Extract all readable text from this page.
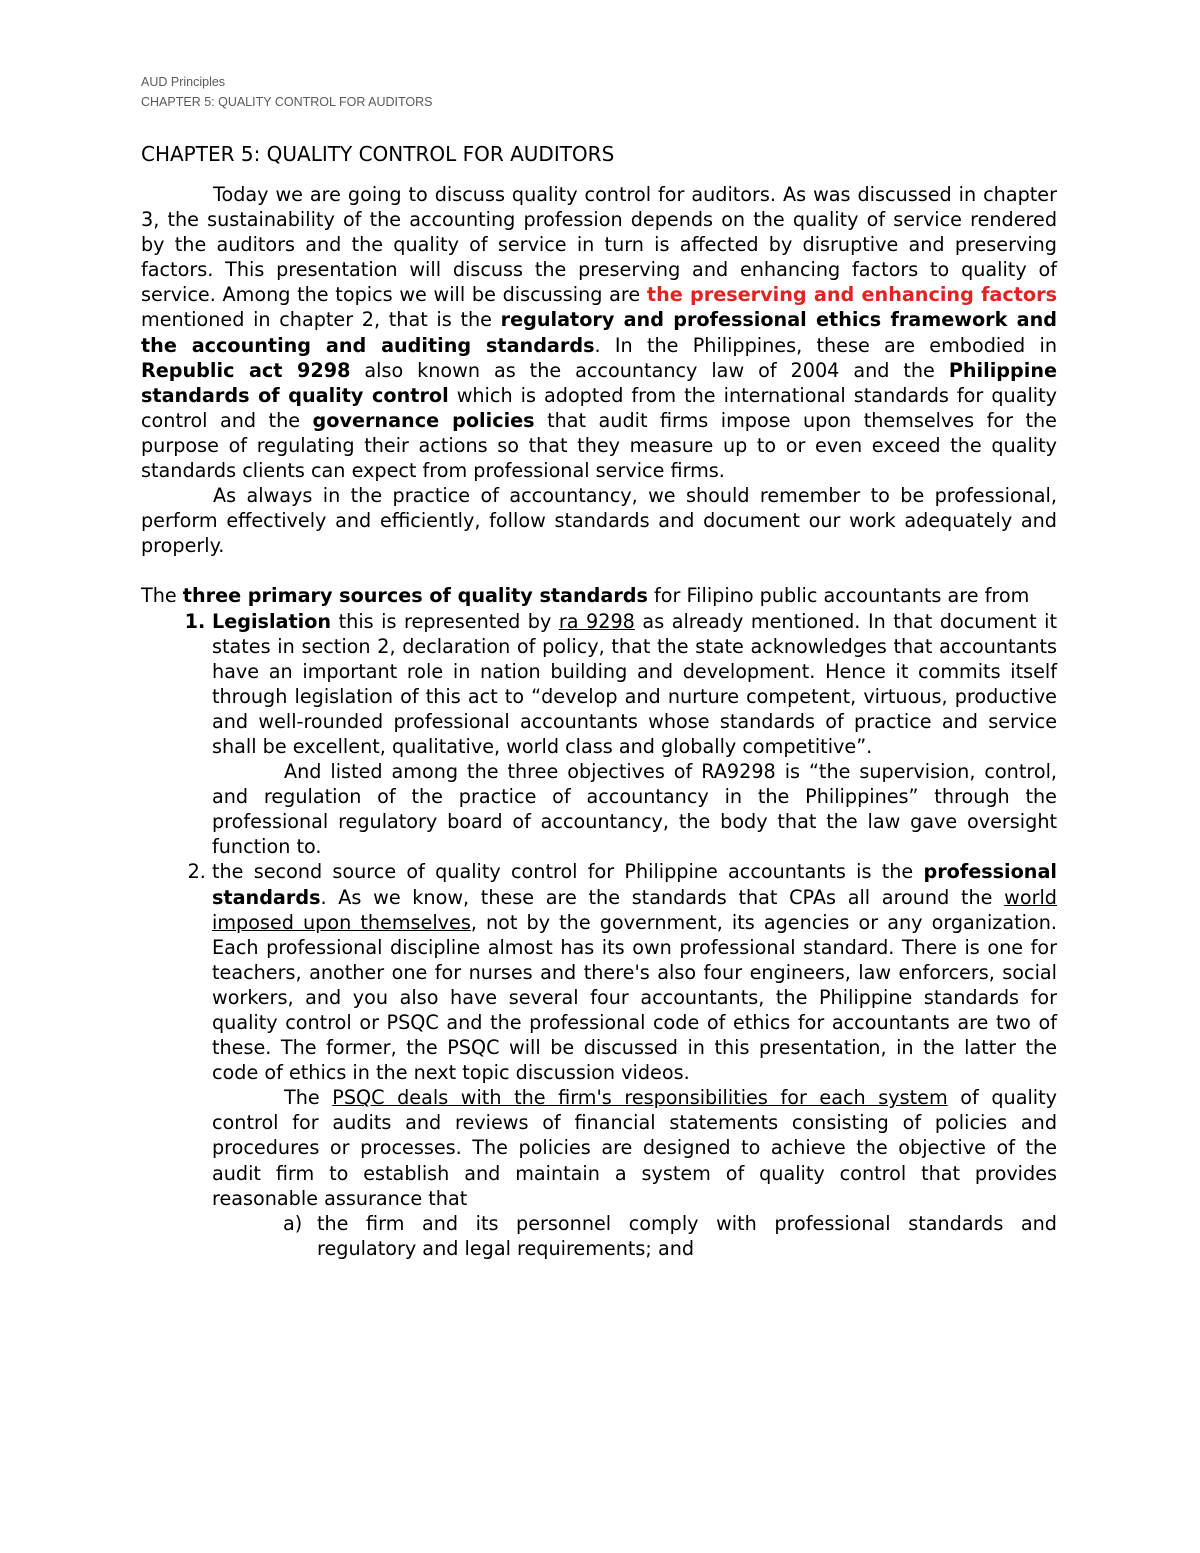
AUD Principles
CHAPTER 5: QUALITY CONTROL FOR AUDITORS
CHAPTER 5: QUALITY CONTROL FOR AUDITORS

Today we are going to discuss quality control for auditors. As was discussed in chapter 3, the sustainability of the accounting profession depends on the quality of service rendered by the auditors and the quality of service in turn is affected by disruptive and preserving factors. This presentation will discuss the preserving and enhancing factors to quality of service. Among the topics we will be discussing are the preserving and enhancing factors mentioned in chapter 2, that is the regulatory and professional ethics framework and the accounting and auditing standards. In the Philippines, these are embodied in Republic act 9298 also known as the accountancy law of 2004 and the Philippine standards of quality control which is adopted from the international standards for quality control and the governance policies that audit firms impose upon themselves for the purpose of regulating their actions so that they measure up to or even exceed the quality standards clients can expect from professional service firms.

As always in the practice of accountancy, we should remember to be professional, perform effectively and efficiently, follow standards and document our work adequately and properly.

The three primary sources of quality standards for Filipino public accountants are from

1. Legislation this is represented by ra 9298 as already mentioned. In that document it states in section 2, declaration of policy, that the state acknowledges that accountants have an important role in nation building and development. Hence it commits itself through legislation of this act to “develop and nurture competent, virtuous, productive and well-rounded professional accountants whose standards of practice and service shall be excellent, qualitative, world class and globally competitive”.

And listed among the three objectives of RA9298 is “the supervision, control, and regulation of the practice of accountancy in the Philippines” through the professional regulatory board of accountancy, the body that the law gave oversight function to.

2. the second source of quality control for Philippine accountants is the professional standards. As we know, these are the standards that CPAs all around the world imposed upon themselves, not by the government, its agencies or any organization. Each professional discipline almost has its own professional standard. There is one for teachers, another one for nurses and there's also four engineers, law enforcers, social workers, and you also have several four accountants, the Philippine standards for quality control or PSQC and the professional code of ethics for accountants are two of these. The former, the PSQC will be discussed in this presentation, in the latter the code of ethics in the next topic discussion videos.

The PSQC deals with the firm's responsibilities for each system of quality control for audits and reviews of financial statements consisting of policies and procedures or processes. The policies are designed to achieve the objective of the audit firm to establish and maintain a system of quality control that provides reasonable assurance that

a) the firm and its personnel comply with professional standards and regulatory and legal requirements; and
